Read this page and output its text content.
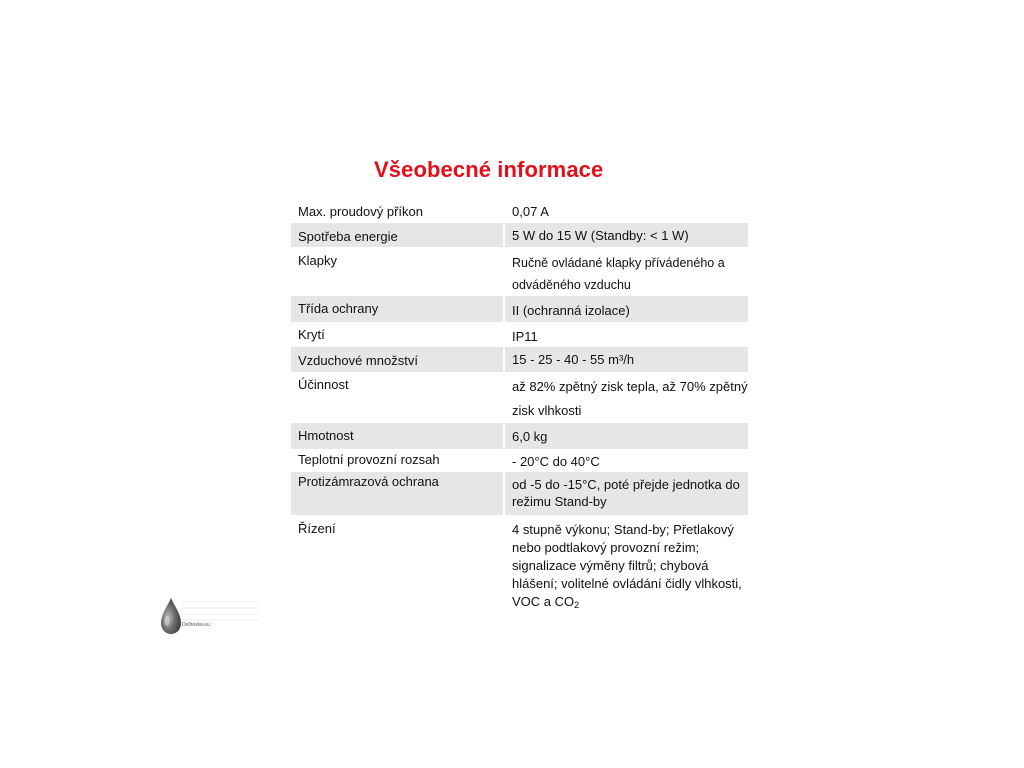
Všeobecné informace
Max. proudový příkon	0,07 A
Spotřeba energie	5 W do 15 W (Standby: < 1 W)
Klapky	Ručně ovládané klapky přívádeného a odváděného vzduchu
Třída ochrany	II (ochranná izolace)
Krytí	IP11
Vzduchové množství	15 - 25 - 40 - 55 m³/h
Účinnost	až 82% zpětný zisk tepla, až 70% zpětný zisk vlhkosti
Hmotnost	6,0 kg
Teplotní provozní rozsah	- 20°C do 40°C
Protizámrazová ochrana	od -5 do -15°C, poté přejde jednotka do režimu Stand-by
Řízení	4 stupně výkonu; Stand-by; Přetlakový nebo podtlakový provozní režim; signalizace výměny filtrů; chybová hlášení; volitelné ovládání čidly vlhkosti, VOC a $CO_2$
Deštovka.eu
